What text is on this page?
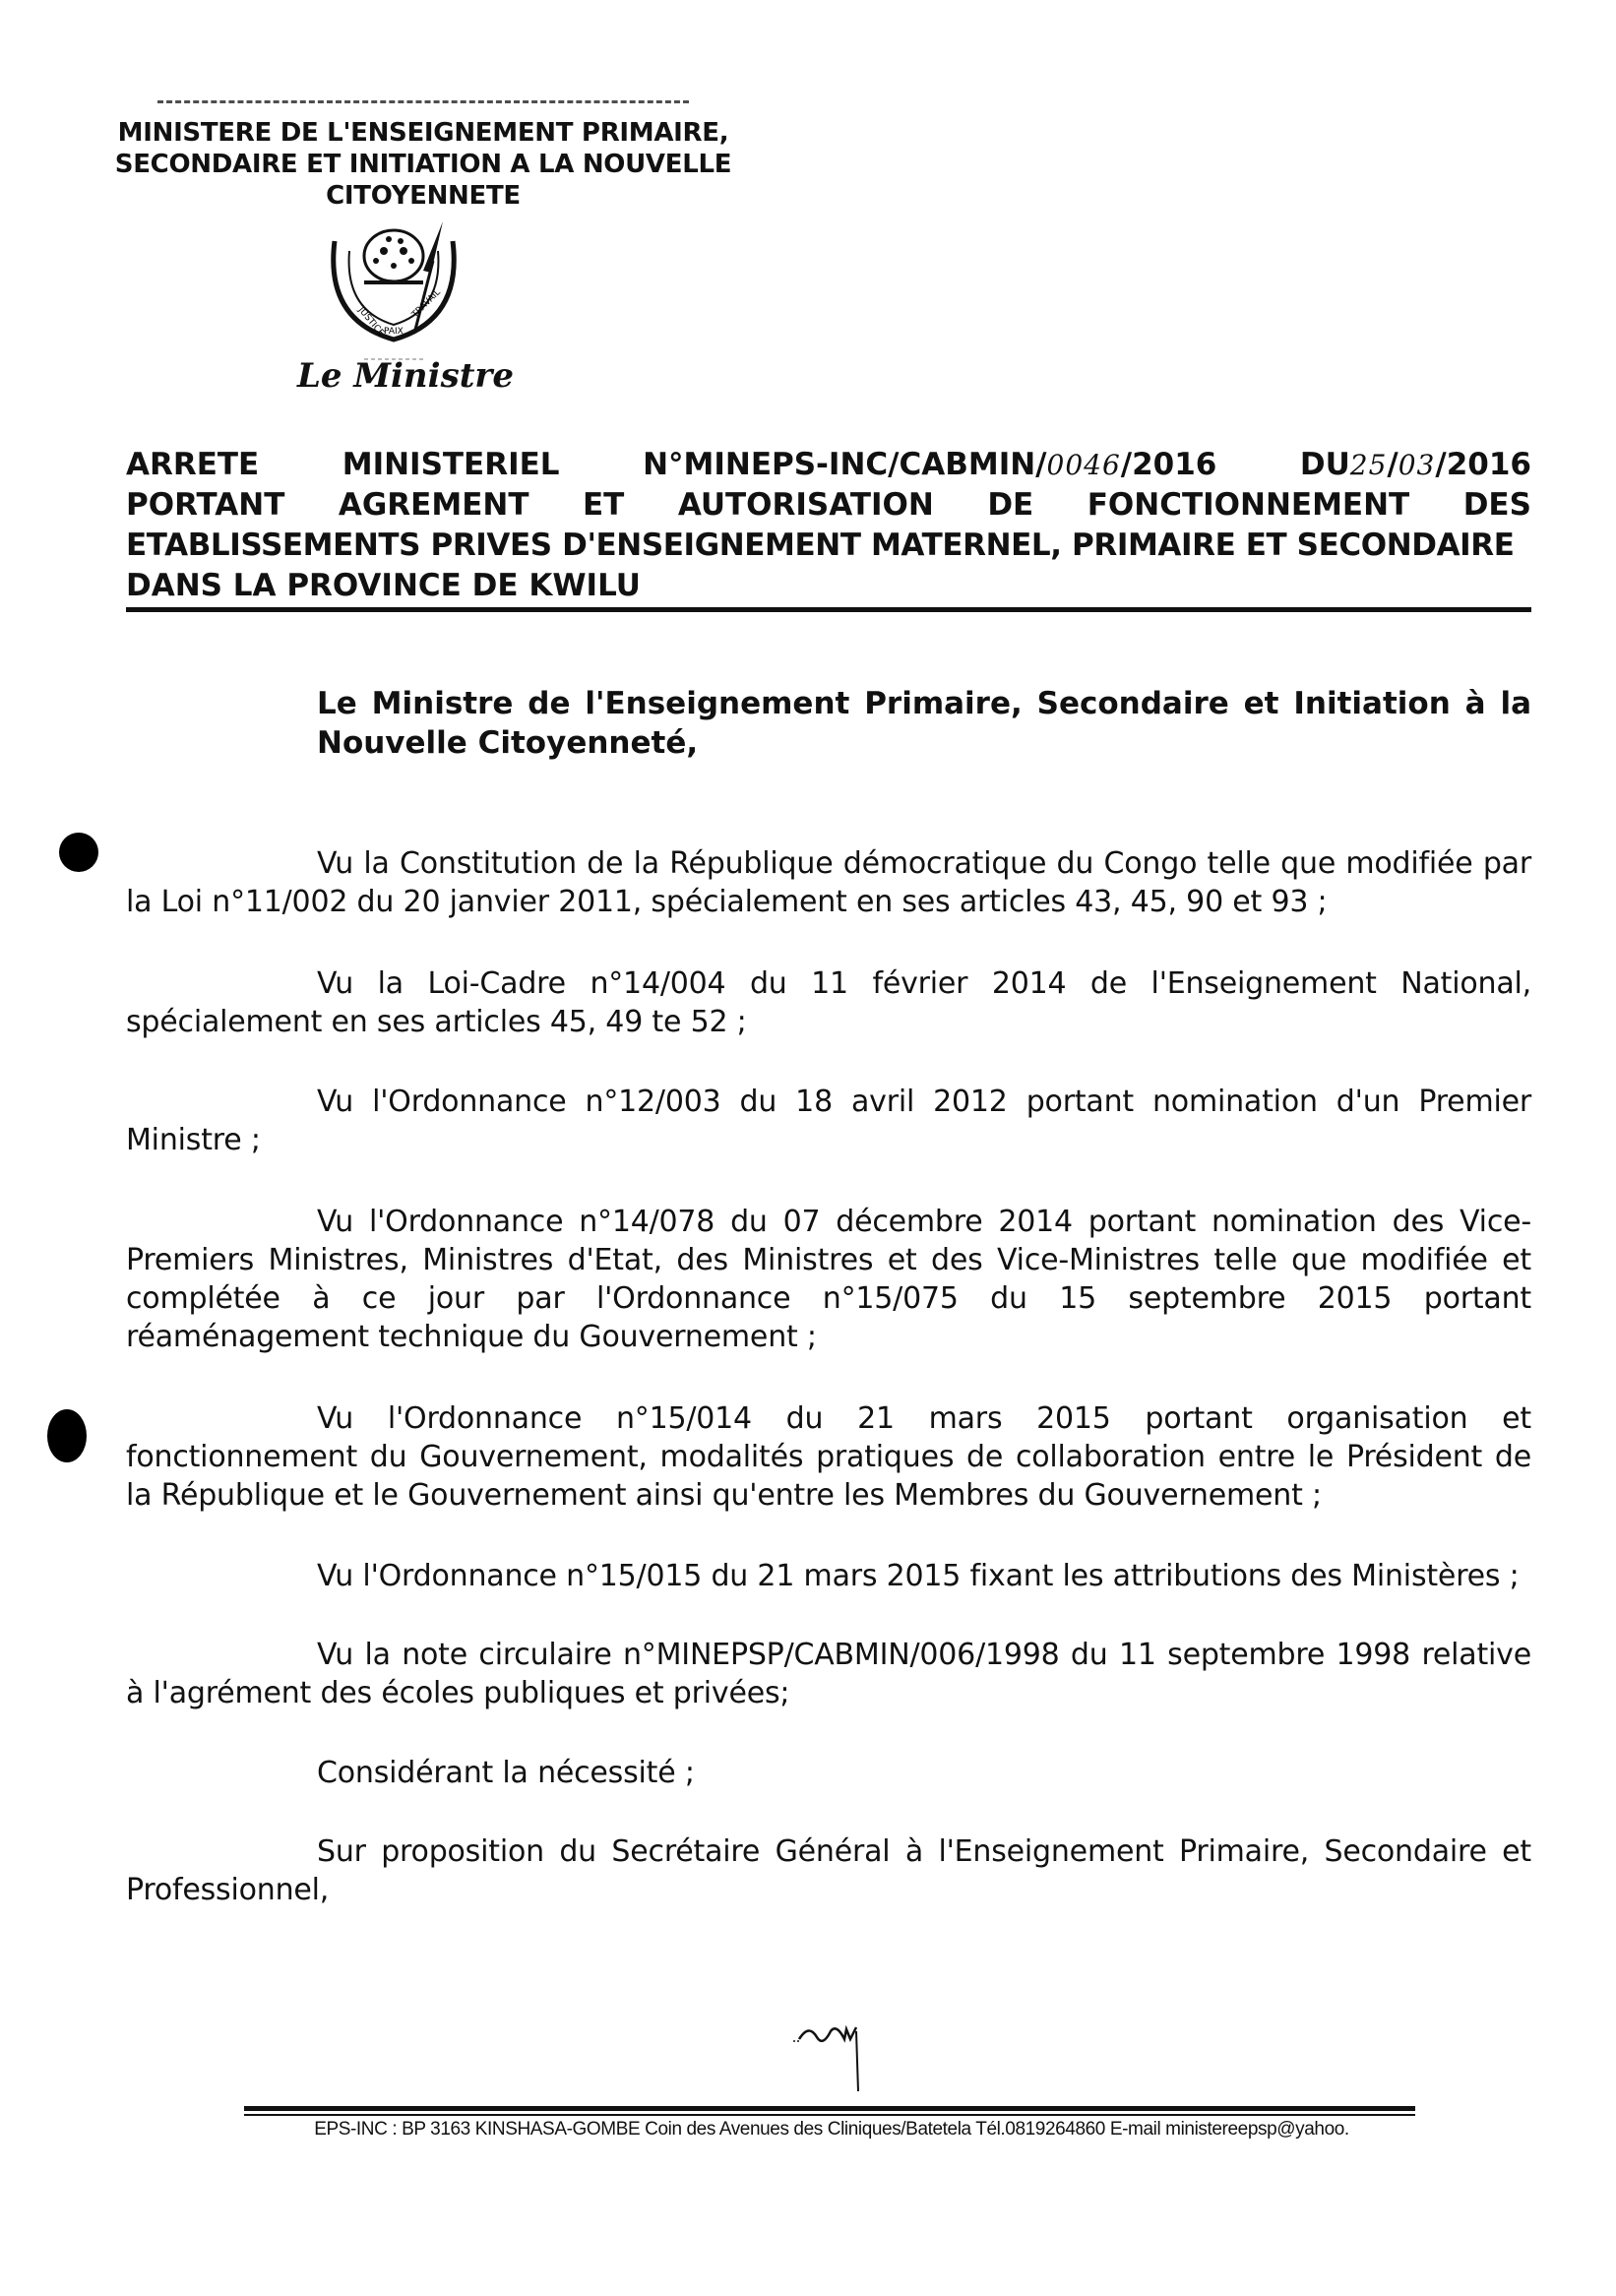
MINISTERE DE L'ENSEIGNEMENT PRIMAIRE,
SECONDAIRE ET INITIATION A LA NOUVELLE
CITOYENNETE
JUSTICE
PAIX
TRAVAIL
Le Ministre
ARRETE	MINISTERIEL	N°MINEPS-INC/CABMIN/0046/2016	DU25/03/2016
PORTANT AGREMENT ET AUTORISATION DE FONCTIONNEMENT DES
ETABLISSEMENTS PRIVES D'ENSEIGNEMENT MATERNEL, PRIMAIRE ET SECONDAIRE
DANS LA PROVINCE DE KWILU
Le Ministre de l'Enseignement Primaire, Secondaire et Initiation à la Nouvelle Citoyenneté,
Vu la Constitution de la République démocratique du Congo telle que modifiée par la Loi n°11/002 du 20 janvier 2011, spécialement en ses articles 43, 45, 90 et 93 ;
Vu la Loi-Cadre n°14/004 du 11 février 2014 de l'Enseignement National, spécialement en ses articles 45, 49 te 52 ;
Vu l'Ordonnance n°12/003 du 18 avril 2012 portant nomination d'un Premier Ministre ;
Vu l'Ordonnance n°14/078 du 07 décembre 2014 portant nomination des Vice-Premiers Ministres, Ministres d'Etat, des Ministres et des Vice-Ministres telle que modifiée et complétée à ce jour par l'Ordonnance n°15/075 du 15 septembre 2015 portant réaménagement technique du Gouvernement ;
Vu l'Ordonnance n°15/014 du 21 mars 2015 portant organisation et fonctionnement du Gouvernement, modalités pratiques de collaboration entre le Président de la République et le Gouvernement ainsi qu'entre les Membres du Gouvernement ;
Vu l'Ordonnance n°15/015 du 21 mars 2015 fixant les attributions des Ministères ;
Vu la note circulaire n°MINEPSP/CABMIN/006/1998 du 11 septembre 1998 relative à l'agrément des écoles publiques et privées;
Considérant la nécessité ;
Sur proposition du Secrétaire Général à l'Enseignement Primaire, Secondaire et Professionnel,
EPS-INC : BP 3163 KINSHASA-GOMBE Coin des Avenues des Cliniques/Batetela Tél.0819264860 E-mail ministereepsp@yahoo.
